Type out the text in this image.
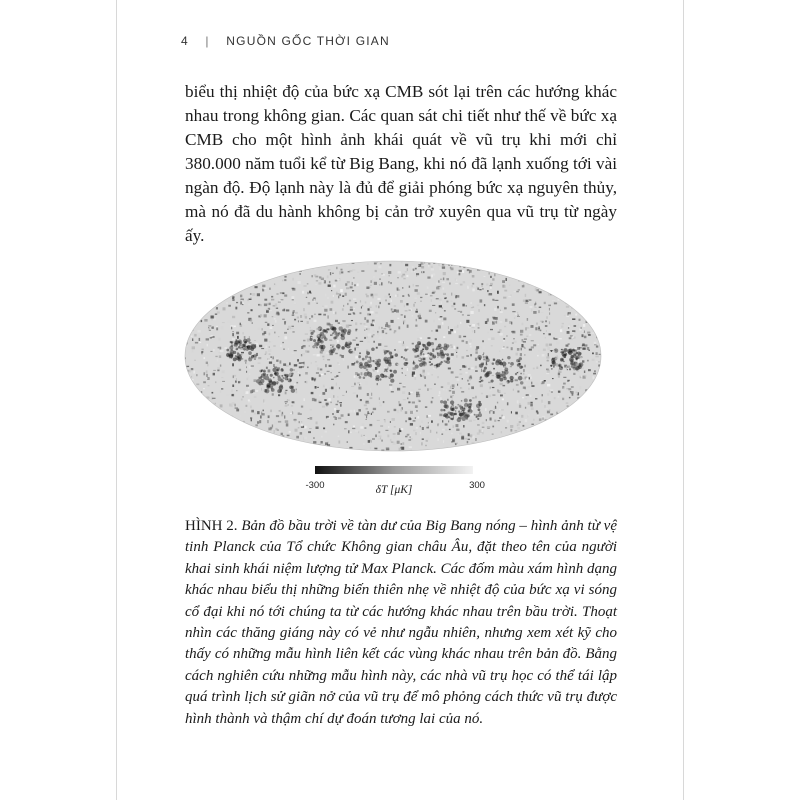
4 | NGUỒN GỐC THỜI GIAN

biểu thị nhiệt độ của bức xạ CMB sót lại trên các hướng khác nhau trong không gian. Các quan sát chi tiết như thế về bức xạ CMB cho một hình ảnh khái quát về vũ trụ khi mới chỉ 380.000 năm tuổi kể từ Big Bang, khi nó đã lạnh xuống tới vài ngàn độ. Độ lạnh này là đủ để giải phóng bức xạ nguyên thủy, mà nó đã du hành không bị cản trở xuyên qua vũ trụ từ ngày ấy.

-300	δT [μK]	300
HÌNH 2. Bản đồ bầu trời về tàn dư của Big Bang nóng – hình ảnh từ vệ tinh Planck của Tổ chức Không gian châu Âu, đặt theo tên của người khai sinh khái niệm lượng tử Max Planck. Các đốm màu xám hình dạng khác nhau biểu thị những biến thiên nhẹ về nhiệt độ của bức xạ vi sóng cổ đại khi nó tới chúng ta từ các hướng khác nhau trên bầu trời. Thoạt nhìn các thăng giáng này có vẻ như ngẫu nhiên, nhưng xem xét kỹ cho thấy có những mẫu hình liên kết các vùng khác nhau trên bản đồ. Bằng cách nghiên cứu những mẫu hình này, các nhà vũ trụ học có thể tái lập quá trình lịch sử giãn nở của vũ trụ để mô phỏng cách thức vũ trụ được hình thành và thậm chí dự đoán tương lai của nó.
